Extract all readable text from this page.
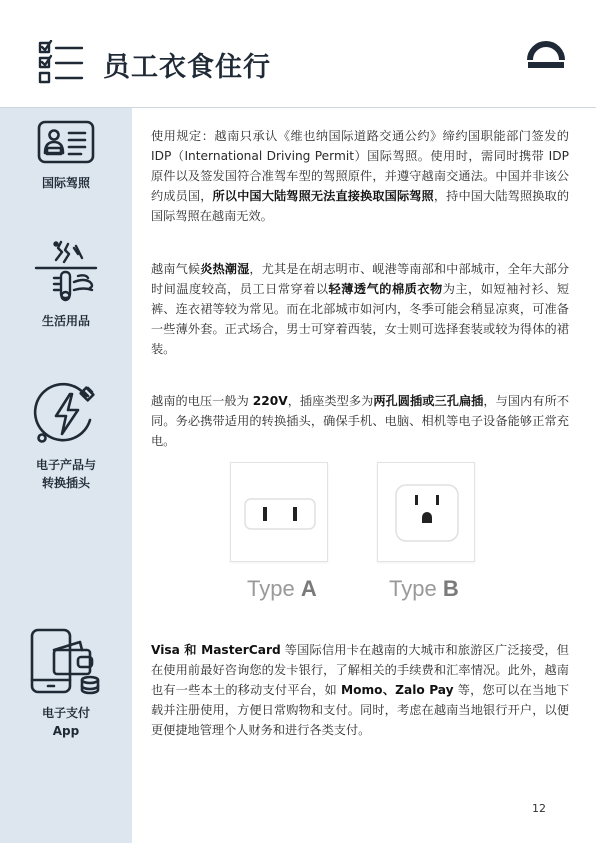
员工衣食住行
国际驾照
生活用品
电子产品与
转换插头
电子支付
App
使用规定：越南只承认《维也纳国际道路交通公约》缔约国职能部门签发的 IDP（International Driving Permit）国际驾照。使用时，需同时携带 IDP 原件以及签发国符合准驾车型的驾照原件，并遵守越南交通法。中国并非该公约成员国，所以中国大陆驾照无法直接换取国际驾照，持中国大陆驾照换取的国际驾照在越南无效。
越南气候炎热潮湿，尤其是在胡志明市、岘港等南部和中部城市，全年大部分时间温度较高，员工日常穿着以轻薄透气的棉质衣物为主，如短袖衬衫、短裤、连衣裙等较为常见。而在北部城市如河内，冬季可能会稍显凉爽，可准备一些薄外套。正式场合，男士可穿着西装，女士则可选择套装或较为得体的裙装。
越南的电压一般为 220V，插座类型多为两孔圆插或三孔扁插，与国内有所不同。务必携带适用的转换插头，确保手机、电脑、相机等电子设备能够正常充电。
Type A	Type B
Visa 和 MasterCard 等国际信用卡在越南的大城市和旅游区广泛接受，但在使用前最好咨询您的发卡银行，了解相关的手续费和汇率情况。此外，越南也有一些本土的移动支付平台，如 Momo、Zalo Pay 等，您可以在当地下载并注册使用，方便日常购物和支付。同时，考虑在越南当地银行开户，以便更便捷地管理个人财务和进行各类支付。
12
